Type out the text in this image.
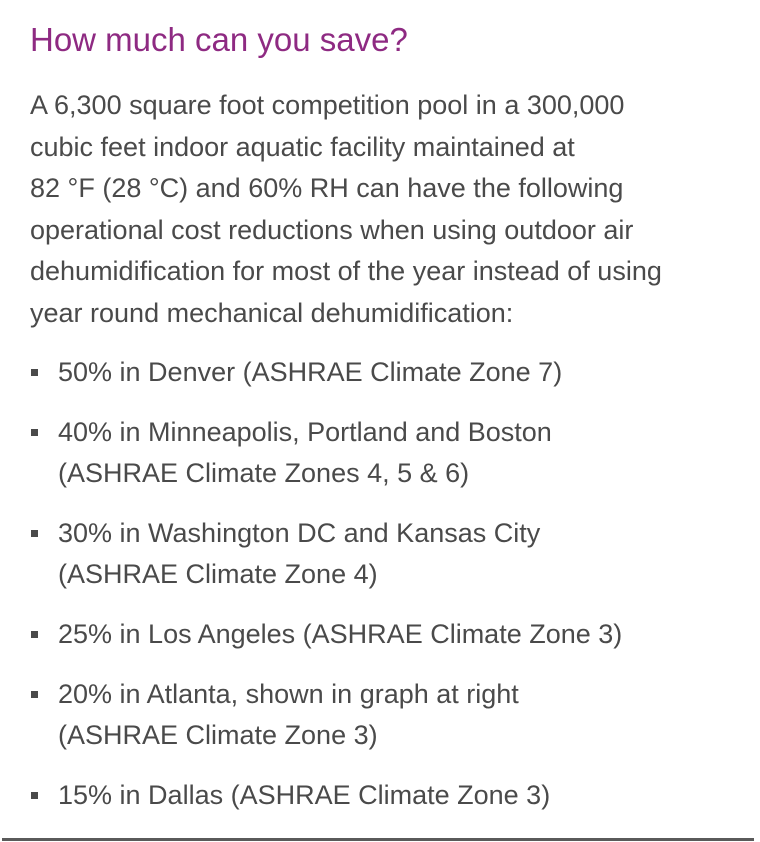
How much can you save?

A 6,300 square foot competition pool in a 300,000
cubic feet indoor aquatic facility maintained at
82 °F (28 °C) and 60% RH can have the following
operational cost reductions when using outdoor air
dehumidification for most of the year instead of using
year round mechanical dehumidification:

50% in Denver (ASHRAE Climate Zone 7)
40% in Minneapolis, Portland and Boston
(ASHRAE Climate Zones 4, 5 & 6)
30% in Washington DC and Kansas City
(ASHRAE Climate Zone 4)
25% in Los Angeles (ASHRAE Climate Zone 3)
20% in Atlanta, shown in graph at right
(ASHRAE Climate Zone 3)
15% in Dallas (ASHRAE Climate Zone 3)
